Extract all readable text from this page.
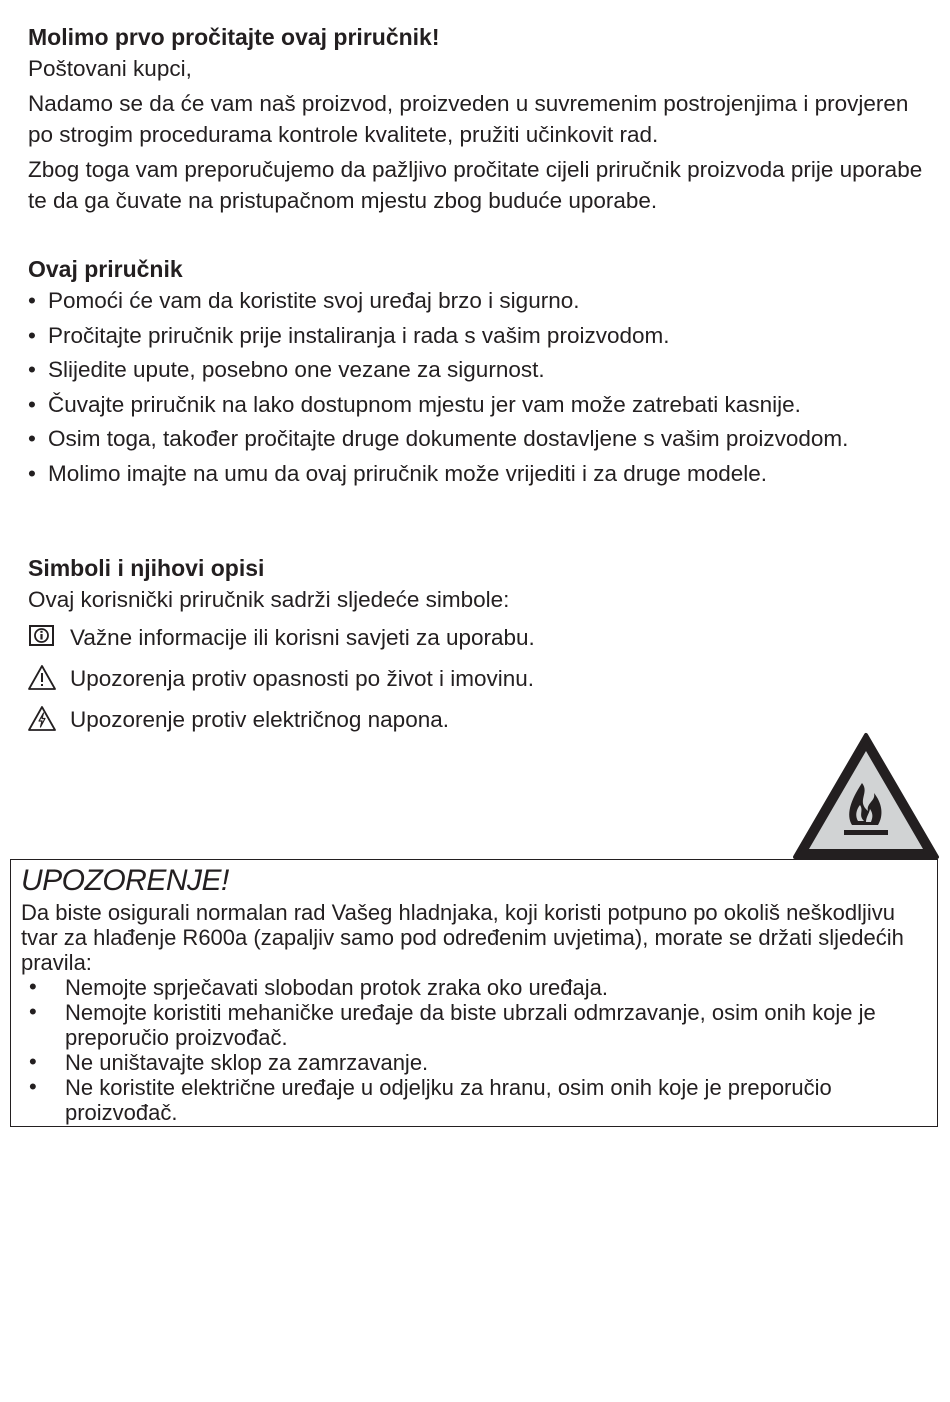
Molimo prvo pročitajte ovaj priručnik!

Poštovani kupci,

Nadamo se da će vam naš proizvod, proizveden u suvremenim postrojenjima i provjeren po strogim procedurama kontrole kvalitete, pružiti učinkovit rad.

Zbog toga vam preporučujemo da pažljivo pročitate cijeli priručnik proizvoda prije uporabe te da ga čuvate na pristupačnom mjestu zbog buduće uporabe.

Ovaj priručnik

• Pomoći će vam da koristite svoj uređaj brzo i sigurno.
• Pročitajte priručnik prije instaliranja i rada s vašim proizvodom.
• Slijedite upute, posebno one vezane za sigurnost.
• Čuvajte priručnik na lako dostupnom mjestu jer vam može zatrebati kasnije.
• Osim toga, također pročitajte druge dokumente dostavljene s vašim proizvodom.
• Molimo imajte na umu da ovaj priručnik može vrijediti i za druge modele.

Simboli i njihovi opisi

Ovaj korisnički priručnik sadrži sljedeće simbole:

Važne informacije ili korisni savjeti za uporabu.
Upozorenja protiv opasnosti po život i imovinu.
Upozorenje protiv električnog napona.

UPOZORENJE!

Da biste osigurali normalan rad Vašeg hladnjaka, koji koristi potpuno po okoliš neškodljivu tvar za hlađenje R600a (zapaljiv samo pod određenim uvjetima), morate se držati sljedećih pravila:

• Nemojte sprječavati slobodan protok zraka oko uređaja.
• Nemojte koristiti mehaničke uređaje da biste ubrzali odmrzavanje, osim onih koje je preporučio proizvođač.
• Ne uništavajte sklop za zamrzavanje.
• Ne koristite električne uređaje u odjeljku za hranu, osim onih koje je preporučio proizvođač.
